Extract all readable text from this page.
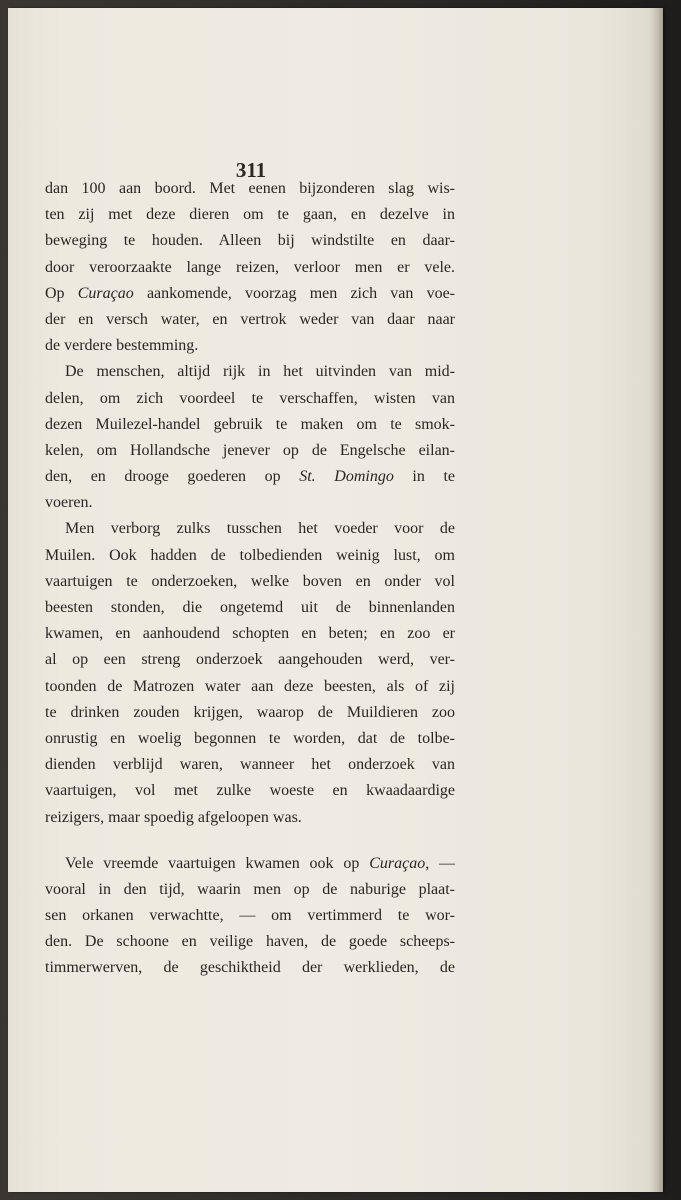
311
dan 100 aan boord. Met eenen bijzonderen slag wis-
ten zij met deze dieren om te gaan, en dezelve in
beweging te houden. Alleen bij windstilte en daar-
door veroorzaakte lange reizen, verloor men er vele.
Op Curaçao aankomende, voorzag men zich van voe-
der en versch water, en vertrok weder van daar naar
de verdere bestemming.
De menschen, altijd rijk in het uitvinden van mid-
delen, om zich voordeel te verschaffen, wisten van
dezen Muilezel-handel gebruik te maken om te smok-
kelen, om Hollandsche jenever op de Engelsche eilan-
den, en drooge goederen op St. Domingo in te
voeren.
Men verborg zulks tusschen het voeder voor de
Muilen. Ook hadden de tolbedienden weinig lust, om
vaartuigen te onderzoeken, welke boven en onder vol
beesten stonden, die ongetemd uit de binnenlanden
kwamen, en aanhoudend schopten en beten; en zoo er
al op een streng onderzoek aangehouden werd, ver-
toonden de Matrozen water aan deze beesten, als of zij
te drinken zouden krijgen, waarop de Muildieren zoo
onrustig en woelig begonnen te worden, dat de tolbe-
dienden verblijd waren, wanneer het onderzoek van
vaartuigen, vol met zulke woeste en kwaadaardige
reizigers, maar spoedig afgeloopen was.
Vele vreemde vaartuigen kwamen ook op Curaçao, —
vooral in den tijd, waarin men op de naburige plaat-
sen orkanen verwachtte, — om vertimmerd te wor-
den. De schoone en veilige haven, de goede scheeps-
timmerwerven, de geschiktheid der werklieden, de
